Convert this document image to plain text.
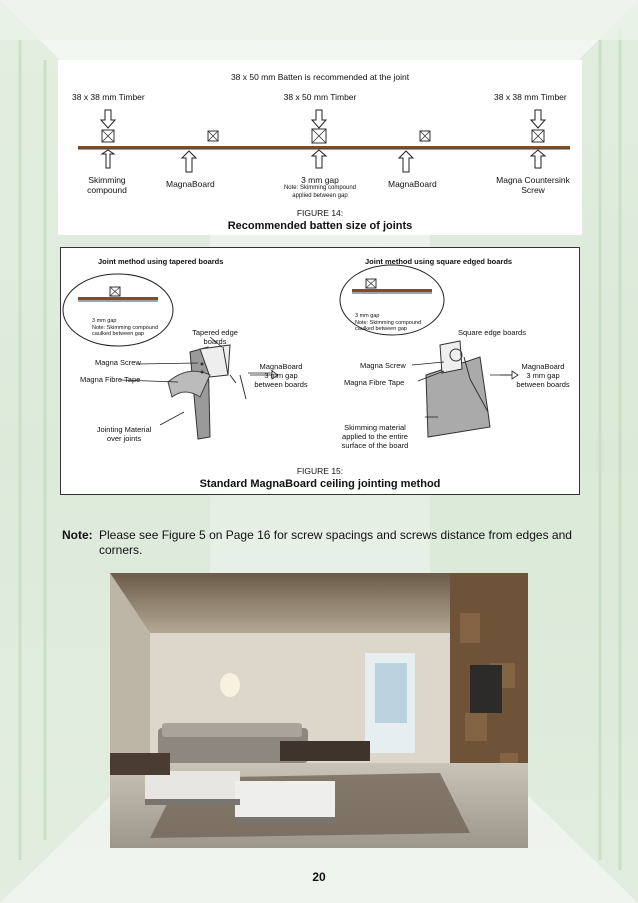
38 x 50 mm Batten is recommended at the joint
38 x 38 mm Timber	38 x 50 mm Timber	38 x 38 mm Timber
Skimming
compound
MagnaBoard	3 mm gap
Note: Skimming compound
applied between gap
MagnaBoard	Magna Countersink
Screw
FIGURE 14:
Recommended batten size of joints
Joint method using tapered boards	Joint method using square edged boards
3 mm gap
Note: Skimming compound
caulked between gap
3 mm gap
Note: Skimming compound
caulked between gap
Tapered edge
boards
Square edge boards
Magna Screw
Magna Fibre Tape
MagnaBoard
3 mm gap
between boards
Magna Screw
Magna Fibre Tape
MagnaBoard
3 mm gap
between boards
Jointing Material
over joints
Skimming material
applied to the entire
surface of the board
FIGURE 15:
Standard MagnaBoard ceiling jointing method
Note: Please see Figure 5 on Page 16 for screw spacings and screws distance from edges and
corners.
20
